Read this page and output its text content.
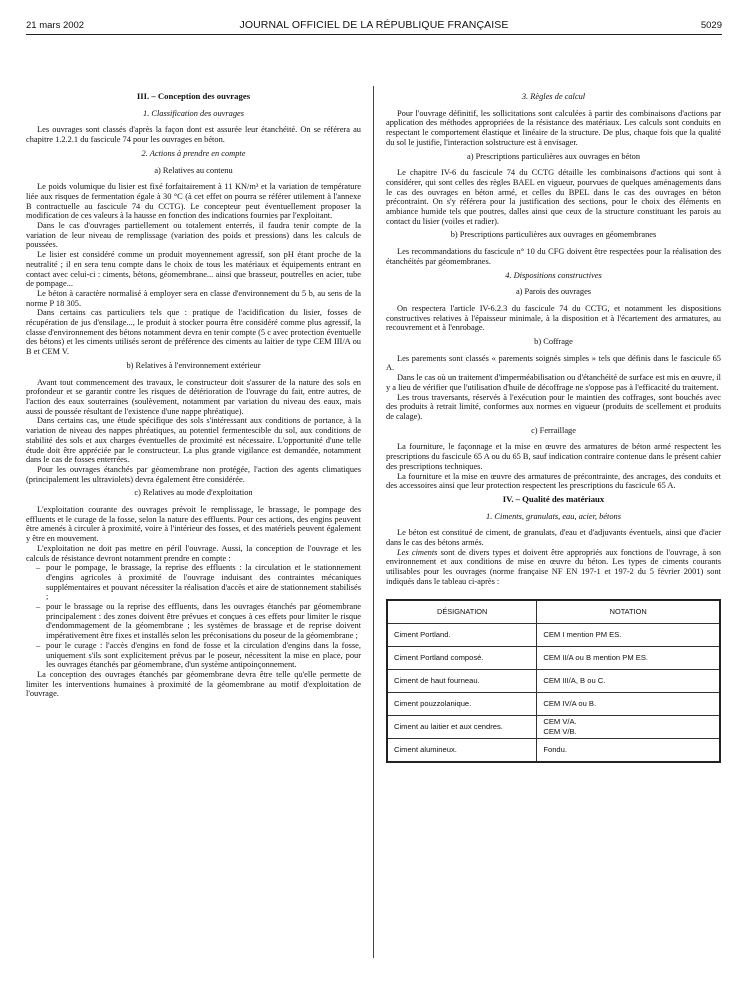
21 mars 2002	JOURNAL OFFICIEL DE LA RÉPUBLIQUE FRANÇAISE	5029
III. – Conception des ouvrages
1. Classification des ouvrages

Les ouvrages sont classés d'après la façon dont est assurée leur étanchéité. On se référera au chapitre 1.2.2.1 du fascicule 74 pour les ouvrages en béton.

2. Actions à prendre en compte
a) Relatives au contenu

Le poids volumique du lisier est fixé forfaitairement à 11 KN/m³ et la variation de température liée aux risques de fermentation égale à 30 °C (à cet effet on pourra se référer utilement à l'annexe B contractuelle au fascicule 74 du CCTG). Le concepteur peut éventuellement proposer la modification de ces valeurs à la hausse en fonction des indications fournies par l'exploitant.

Dans le cas d'ouvrages partiellement ou totalement enterrés, il faudra tenir compte de la variation de leur niveau de remplissage (variation des poids et pressions) dans les calculs de poussées.

Le lisier est considéré comme un produit moyennement agressif, son pH étant proche de la neutralité ; il en sera tenu compte dans le choix de tous les matériaux et équipements entrant en contact avec celui-ci : ciments, bétons, géomembrane... ainsi que brasseur, poutrelles en acier, tube de pompage...

Le béton à caractère normalisé à employer sera en classe d'environnement du 5 b, au sens de la norme P 18 305.

Dans certains cas particuliers tels que : pratique de l'acidification du lisier, fosses de récupération de jus d'ensilage..., le produit à stocker pourra être considéré comme plus agressif, la classe d'environnement des bétons notamment devra en tenir compte (5 c avec protection éventuelle des bétons) et les ciments utilisés seront de préférence des ciments au laitier de type CEM III/A ou B et CEM V.

b) Relatives à l'environnement extérieur

Avant tout commencement des travaux, le constructeur doit s'assurer de la nature des sols en profondeur et se garantir contre les risques de détérioration de l'ouvrage du fait, entre autres, de l'action des eaux souterraines (soulèvement, notamment par variation du niveau des eaux, mais aussi de poussée résultant de l'existence d'une nappe phréatique).

Dans certains cas, une étude spécifique des sols s'intéressant aux conditions de portance, à la variation de niveau des nappes phréatiques, au potentiel fermentescible du sol, aux conditions de stabilité des sols et aux charges éventuelles de proximité est nécessaire. L'opportunité d'une telle étude doit être appréciée par le constructeur. La plus grande vigilance est demandée, notamment dans le cas de fosses enterrées.

Pour les ouvrages étanchés par géomembrane non protégée, l'action des agents climatiques (principalement les ultraviolets) devra également être considérée.

c) Relatives au mode d'exploitation

L'exploitation courante des ouvrages prévoit le remplissage, le brassage, le pompage des effluents et le curage de la fosse, selon la nature des effluents. Pour ces actions, des engins peuvent être amenés à circuler à proximité, voire à l'intérieur des fosses, et des matériels peuvent également y être en mouvement.

L'exploitation ne doit pas mettre en péril l'ouvrage. Aussi, la conception de l'ouvrage et les calculs de résistance devront notamment prendre en compte :

– pour le pompage, le brassage, la reprise des effluents : la circulation et le stationnement d'engins agricoles à proximité de l'ouvrage induisant des contraintes mécaniques supplémentaires et pouvant nécessiter la réalisation d'accès et aire de stationnement stabilisés ;
– pour le brassage ou la reprise des effluents, dans les ouvrages étanchés par géomembrane principalement : des zones doivent être prévues et conçues à ces effets pour limiter le risque d'endommagement de la géomembrane ; les systèmes de brassage et de reprise doivent impérativement être fixes et installés selon les préconisations du poseur de la géomembrane ;
– pour le curage : l'accès d'engins en fond de fosse et la circulation d'engins dans la fosse, uniquement s'ils sont explicitement prévus par le poseur, nécessitent la mise en place, pour les ouvrages étanchés par géomembrane, d'un système antipoinçonnement.

La conception des ouvrages étanchés par géomembrane devra être telle qu'elle permette de limiter les interventions humaines à proximité de la géomembrane au motif d'exploitation de l'ouvrage.

3. Règles de calcul

Pour l'ouvrage définitif, les sollicitations sont calculées à partir des combinaisons d'actions par application des méthodes appropriées de la résistance des matériaux. Les calculs sont conduits en respectant le comportement élastique et linéaire de la structure. De plus, chaque fois que la qualité du sol le justifie, l'interaction solstructure est à envisager.

a) Prescriptions particulières aux ouvrages en béton

Le chapitre IV-6 du fascicule 74 du CCTG détaille les combinaisons d'actions qui sont à considérer, qui sont celles des règles BAEL en vigueur, pourvues de quelques aménagements dans le cas des ouvrages en béton armé, et celles du BPEL dans le cas des ouvrages en béton précontraint. On s'y référera pour la justification des sections, pour le choix des éléments en ambiance humide tels que poutres, dalles ainsi que ceux de la structure constituant les parois au contact du lisier (voiles et radier).

b) Prescriptions particulières aux ouvrages en géomembranes

Les recommandations du fascicule n° 10 du CFG doivent être respectées pour la réalisation des étanchéités par géomembranes.

4. Dispositions constructives
a) Parois des ouvrages

On respectera l'article IV-6.2.3 du fascicule 74 du CCTG, et notamment les dispositions constructives relatives à l'épaisseur minimale, à la disposition et à l'écartement des armatures, au recouvrement et à l'enrobage.

b) Coffrage

Les parements sont classés « parements soignés simples » tels que définis dans le fascicule 65 A.

Dans le cas où un traitement d'imperméabilisation ou d'étanchéité de surface est mis en œuvre, il y a lieu de vérifier que l'utilisation d'huile de décoffrage ne s'oppose pas à l'efficacité du traitement.

Les trous traversants, réservés à l'exécution pour le maintien des coffrages, sont bouchés avec des produits à retrait limité, conformes aux normes en vigueur (produits de scellement et produits de calage).

c) Ferraillage

La fourniture, le façonnage et la mise en œuvre des armatures de béton armé respectent les prescriptions du fascicule 65 A ou du 65 B, sauf indication contraire contenue dans le présent cahier des prescriptions techniques.

La fourniture et la mise en œuvre des armatures de précontrainte, des ancrages, des conduits et des accessoires ainsi que leur protection respectent les prescriptions du fascicule 65 A.

IV. – Qualité des matériaux
1. Ciments, granulats, eau, acier, bétons

Le béton est constitué de ciment, de granulats, d'eau et d'adjuvants éventuels, ainsi que d'acier dans le cas des bétons armés.

Les ciments sont de divers types et doivent être appropriés aux fonctions de l'ouvrage, à son environnement et aux conditions de mise en œuvre du béton. Les types de ciments courants utilisables pour les ouvrages (norme française NF EN 197-1 et 197-2 du 5 février 2001) sont indiqués dans le tableau ci-après :

DÉSIGNATION	NOTATION
Ciment Portland.	CEM I mention PM ES.
Ciment Portland composé.	CEM II/A ou B mention PM ES.
Ciment de haut fourneau.	CEM III/A, B ou C.
Ciment pouzzolanique.	CEM IV/A ou B.
Ciment au laitier et aux cendres.	CEM V/A.
CEM V/B.

Ciment alumineux.	Fondu.
